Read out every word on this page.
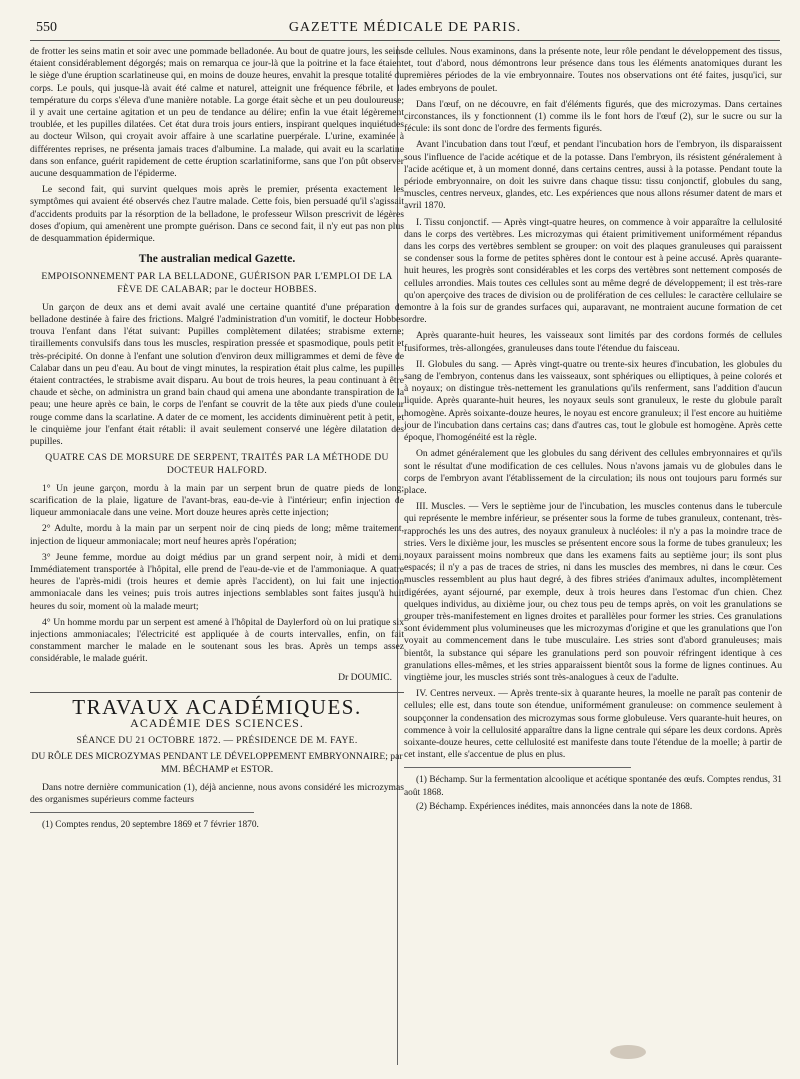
550	GAZETTE MÉDICALE DE PARIS.

de frotter les seins matin et soir avec une pommade belladonée. Au bout de quatre jours, les seins étaient considérablement dégorgés; mais on remarqua ce jour-là que la poitrine et la face étaient le siège d'une éruption scarlatineuse qui, en moins de douze heures, envahit la presque totalité du corps. Le pouls, qui jusque-là avait été calme et naturel, atteignit une fréquence fébrile, et la température du corps s'éleva d'une manière notable. La gorge était sèche et un peu douloureuse; il y avait une certaine agitation et un peu de tendance au délire; enfin la vue était légèrement troublée, et les pupilles dilatées. Cet état dura trois jours entiers, inspirant quelques inquiétudes au docteur Wilson, qui croyait avoir affaire à une scarlatine puerpérale. L'urine, examinée à différentes reprises, ne présenta jamais traces d'albumine. La malade, qui avait eu la scarlatine dans son enfance, guérit rapidement de cette éruption scarlatiniforme, sans que l'on pût observer aucune desquammation de l'épiderme.

Le second fait, qui survint quelques mois après le premier, présenta exactement les symptômes qui avaient été observés chez l'autre malade. Cette fois, bien persuadé qu'il s'agissait d'accidents produits par la résorption de la belladone, le professeur Wilson prescrivit de légères doses d'opium, qui amenèrent une prompte guérison. Dans ce second fait, il n'y eut pas non plus de desquammation épidermique.

The australian medical Gazette.

EMPOISONNEMENT PAR LA BELLADONE, GUÉRISON PAR L'EMPLOI DE LA FÈVE DE CALABAR; par le docteur HOBBES.

Un garçon de deux ans et demi avait avalé une certaine quantité d'une préparation de belladone destinée à faire des frictions. Malgré l'administration d'un vomitif, le docteur Hobbes trouva l'enfant dans l'état suivant: Pupilles complètement dilatées; strabisme externe; tiraillements convulsifs dans tous les muscles, respiration pressée et spasmodique, pouls petit et très-précipité. On donne à l'enfant une solution d'environ deux milligrammes et demi de fève de Calabar dans un peu d'eau. Au bout de vingt minutes, la respiration était plus calme, les pupilles étaient contractées, le strabisme avait disparu. Au bout de trois heures, la peau continuant à être chaude et sèche, on administra un grand bain chaud qui amena une abondante transpiration de la peau; une heure après ce bain, le corps de l'enfant se couvrit de la tête aux pieds d'une couleur rouge comme dans la scarlatine. A dater de ce moment, les accidents diminuèrent petit à petit, et le cinquième jour l'enfant était rétabli: il avait seulement conservé une légère dilatation des pupilles.

QUATRE CAS DE MORSURE DE SERPENT, TRAITÉS PAR LA MÉTHODE DU DOCTEUR HALFORD.

1° Un jeune garçon, mordu à la main par un serpent brun de quatre pieds de long; scarification de la plaie, ligature de l'avant-bras, eau-de-vie à l'intérieur; enfin injection de liqueur ammoniacale dans une veine. Mort douze heures après cette injection;

2° Adulte, mordu à la main par un serpent noir de cinq pieds de long; même traitement, injection de liqueur ammoniacale; mort neuf heures après l'opération;

3° Jeune femme, mordue au doigt médius par un grand serpent noir, à midi et demi. Immédiatement transportée à l'hôpital, elle prend de l'eau-de-vie et de l'ammoniaque. A quatre heures de l'après-midi (trois heures et demie après l'accident), on lui fait une injection ammoniacale dans les veines; puis trois autres injections semblables sont faites jusqu'à huit heures du soir, moment où la malade meurt;

4° Un homme mordu par un serpent est amené à l'hôpital de Daylerford où on lui pratique six injections ammoniacales; l'électricité est appliquée à de courts intervalles, enfin, on fait constamment marcher le malade en le soutenant sous les bras. Après un temps assez considérable, le malade guérit.

Dr DOUMIC.

TRAVAUX ACADÉMIQUES.

ACADÉMIE DES SCIENCES.

SÉANCE DU 21 OCTOBRE 1872. — PRÉSIDENCE DE M. FAYE.

DU RÔLE DES MICROZYMAS PENDANT LE DÉVELOPPEMENT EMBRYONNAIRE; par MM. BÉCHAMP et ESTOR.

Dans notre dernière communication (1), déjà ancienne, nous avons considéré les microzymas des organismes supérieurs comme facteurs

(1) Comptes rendus, 20 septembre 1869 et 7 février 1870.

de cellules. Nous examinons, dans la présente note, leur rôle pendant le développement des tissus, et, tout d'abord, nous démontrons leur présence dans tous les éléments anatomiques durant les premières périodes de la vie embryonnaire. Toutes nos observations ont été faites, jusqu'ici, sur des embryons de poulet.

Dans l'œuf, on ne découvre, en fait d'éléments figurés, que des microzymas. Dans certaines circonstances, ils y fonctionnent (1) comme ils le font hors de l'œuf (2), sur le sucre ou sur la fécule: ils sont donc de l'ordre des ferments figurés.

Avant l'incubation dans tout l'œuf, et pendant l'incubation hors de l'embryon, ils disparaissent sous l'influence de l'acide acétique et de la potasse. Dans l'embryon, ils résistent généralement à l'acide acétique et, à un moment donné, dans certains centres, aussi à la potasse. Pendant toute la période embryonnaire, on doit les suivre dans chaque tissu: tissu conjonctif, globules du sang, muscles, centres nerveux, glandes, etc. Les expériences que nous allons résumer datent de mars et avril 1870.

I. Tissu conjonctif. — Après vingt-quatre heures, on commence à voir apparaître la cellulosité dans le corps des vertèbres. Les microzymas qui étaient primitivement uniformément répandus dans les corps des vertèbres semblent se grouper: on voit des plaques granuleuses qui paraissent se condenser sous la forme de petites sphères dont le contour est à peine accusé. Après quarante-huit heures, les progrès sont considérables et les corps des vertèbres sont nettement composés de cellules arrondies. Mais toutes ces cellules sont au même degré de développement; il est très-rare qu'on aperçoive des traces de division ou de prolifération de ces cellules: le caractère cellulaire se montre à la fois sur de grandes surfaces qui, auparavant, ne montraient aucune formation de cet ordre.

Après quarante-huit heures, les vaisseaux sont limités par des cordons formés de cellules fusiformes, très-allongées, granuleuses dans toute l'étendue du faisceau.

II. Globules du sang. — Après vingt-quatre ou trente-six heures d'incubation, les globules du sang de l'embryon, contenus dans les vaisseaux, sont sphériques ou elliptiques, à peine colorés et à noyaux; on distingue très-nettement les granulations qu'ils renferment, sans l'addition d'aucun liquide. Après quarante-huit heures, les noyaux seuls sont granuleux, le reste du globule paraît homogène. Après soixante-douze heures, le noyau est encore granuleux; il l'est encore au huitième jour de l'incubation dans certains cas; dans d'autres cas, tout le globule est homogène. Après cette époque, l'homogénéité est la règle.

On admet généralement que les globules du sang dérivent des cellules embryonnaires et qu'ils sont le résultat d'une modification de ces cellules. Nous n'avons jamais vu de globules dans le corps de l'embryon avant l'établissement de la circulation; ils nous ont toujours paru formés sur place.

III. Muscles. — Vers le septième jour de l'incubation, les muscles contenus dans le tubercule qui représente le membre inférieur, se présenter sous la forme de tubes granuleux, contenant, très-rapprochés les uns des autres, des noyaux granuleux à nucléoles: il n'y a pas la moindre trace de stries. Vers le dixième jour, les muscles se présentent encore sous la forme de tubes granuleux; les noyaux paraissent moins nombreux que dans les examens faits au septième jour; ils sont plus espacés; il n'y a pas de traces de stries, ni dans les muscles des membres, ni dans le cœur. Ces muscles ressemblent au plus haut degré, à des fibres striées d'animaux adultes, incomplètement digérées, ayant séjourné, par exemple, deux à trois heures dans l'estomac d'un chien. Chez quelques individus, au dixième jour, ou chez tous peu de temps après, on voit les granulations se grouper très-manifestement en lignes droites et parallèles pour former les stries. Ces granulations sont évidemment plus volumineuses que les microzymas d'origine et que les granulations que l'on voyait au commencement dans le tube musculaire. Les stries sont d'abord granuleuses; mais bientôt, la substance qui sépare les granulations perd son pouvoir réfringent identique à ces granulations elles-mêmes, et les stries apparaissent bientôt sous la forme de lignes continues. Au vingtième jour, les muscles striés sont très-analogues à ceux de l'adulte.

IV. Centres nerveux. — Après trente-six à quarante heures, la moelle ne paraît pas contenir de cellules; elle est, dans toute son étendue, uniformément granuleuse: on commence seulement à soupçonner la condensation des microzymas sous forme globuleuse. Vers quarante-huit heures, on commence à voir la cellulosité apparaître dans la ligne centrale qui sépare les deux cordons. Après soixante-douze heures, cette cellulosité est manifeste dans toute l'étendue de la moelle; à partir de cet instant, elle s'accentue de plus en plus.

(1) Béchamp. Sur la fermentation alcoolique et acétique spontanée des œufs. Comptes rendus, 31 août 1868.

(2) Béchamp. Expériences inédites, mais annoncées dans la note de 1868.
